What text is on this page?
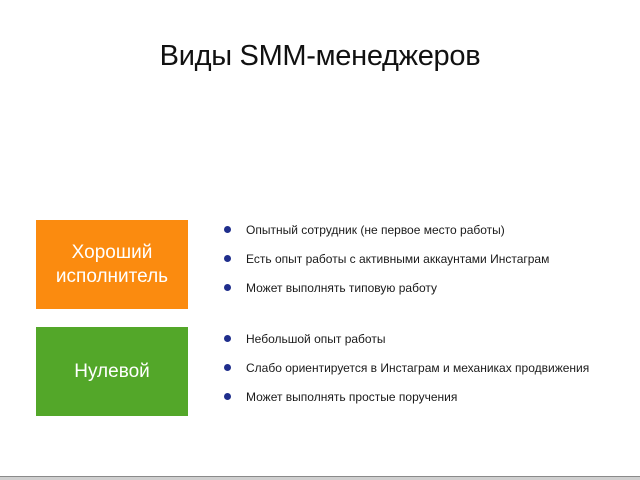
Виды SMM-менеджеров
Хороший исполнитель
Опытный сотрудник (не первое место работы)
Есть опыт работы с активными аккаунтами Инстаграм
Может выполнять типовую работу
Нулевой
Небольшой опыт работы
Слабо ориентируется в Инстаграм и механиках продвижения
Может выполнять простые поручения
